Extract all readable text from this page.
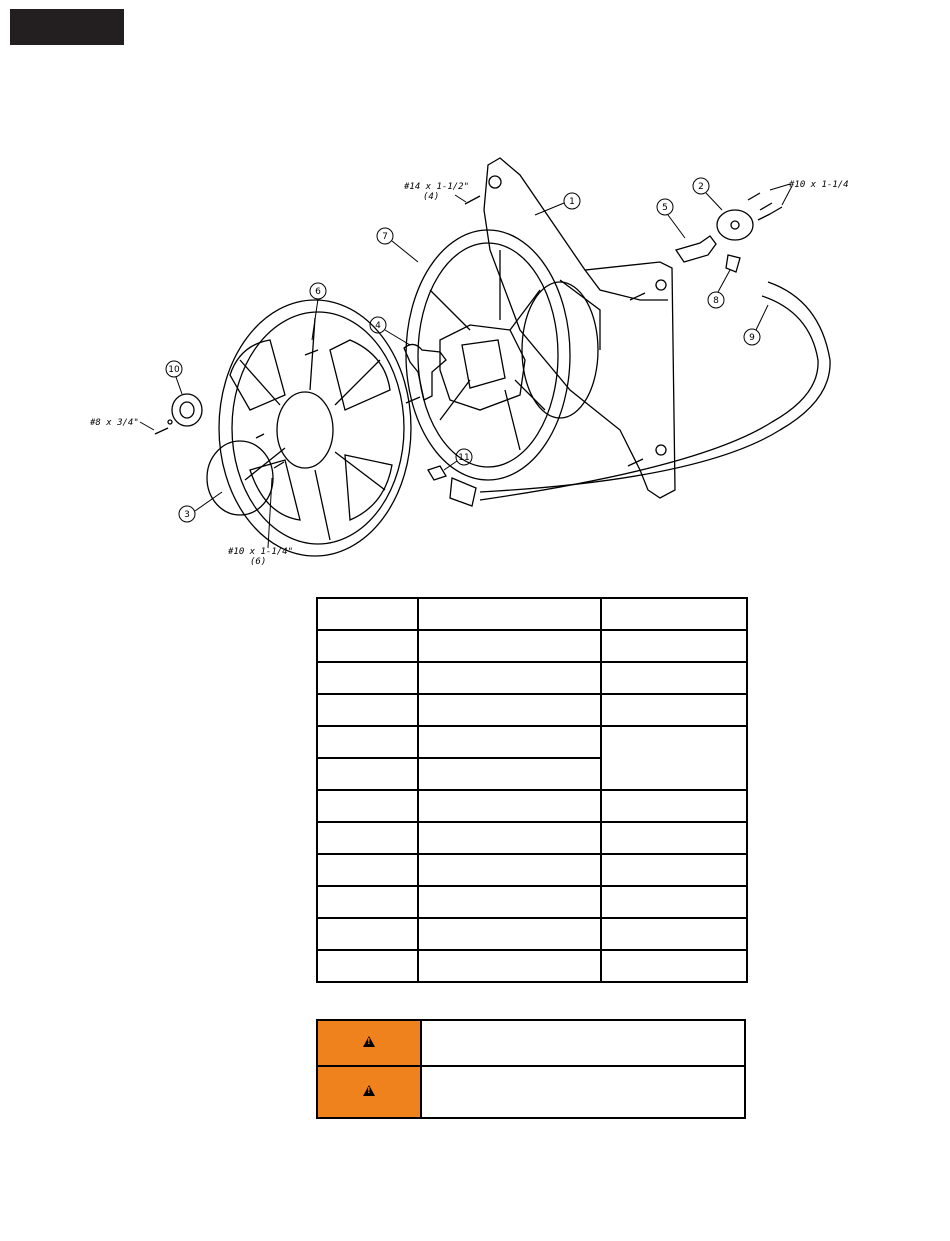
1
2
3
4
5
6
7
8
9
10
11
#14 x 1-1/2"
(4)
#10 x 1-1/4
#8 x 3/4"
#10 x 1-1/4"
(6)

!	
!	
